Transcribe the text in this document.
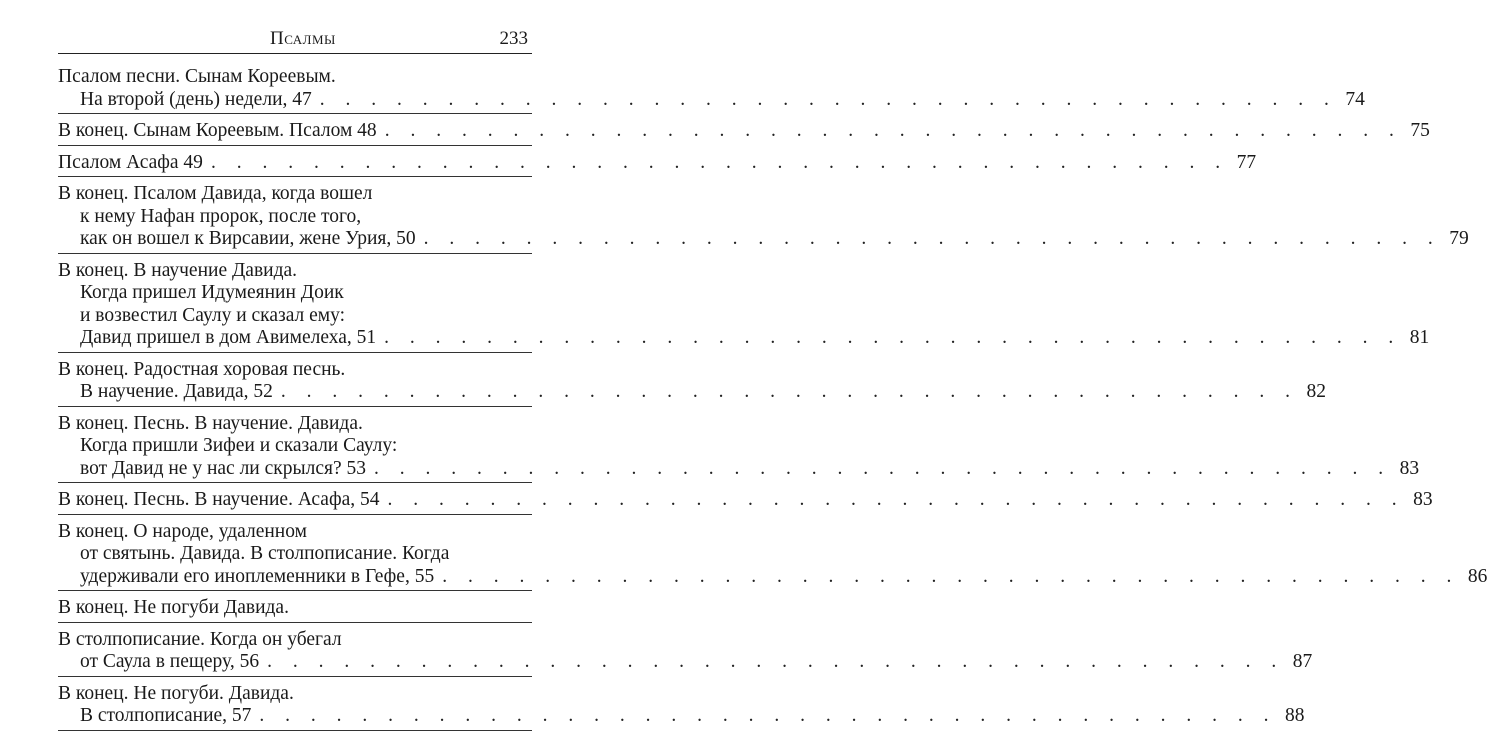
Псалмы	233
Псалом песни. Сынам Кореевым.
На второй (день) недели, 47 . . . . . . . . . . . . . . . . . . . . . . . . . . . . . . . . . . . . . . . . 74
В конец. Сынам Кореевым. Псалом 48 . . . . . . . . . . . . . . . . . . . . . . . . . . . . . . . . . . . . . . . . 75
Псалом Асафа 49 . . . . . . . . . . . . . . . . . . . . . . . . . . . . . . . . . . . . . . . . 77
В конец. Псалом Давида, когда вошел
к нему Нафан пророк, после того,
как он вошел к Вирсавии, жене Урия, 50 . . . . . . . . . . . . . . . . . . . . . . . . . . . . . . . . . . . . . . . . 79
В конец. В научение Давида.
Когда пришел Идумеянин Доик
и возвестил Саулу и сказал ему:
Давид пришел в дом Авимелеха, 51 . . . . . . . . . . . . . . . . . . . . . . . . . . . . . . . . . . . . . . . . 81
В конец. Радостная хоровая песнь.
В научение. Давида, 52 . . . . . . . . . . . . . . . . . . . . . . . . . . . . . . . . . . . . . . . . 82
В конец. Песнь. В научение. Давида.
Когда пришли Зифеи и сказали Саулу:
вот Давид не у нас ли скрылся? 53 . . . . . . . . . . . . . . . . . . . . . . . . . . . . . . . . . . . . . . . . 83
В конец. Песнь. В научение. Асафа, 54 . . . . . . . . . . . . . . . . . . . . . . . . . . . . . . . . . . . . . . . . 83
В конец. О народе, удаленном
от святынь. Давида. В столпописание. Когда
удерживали его иноплеменники в Гефе, 55 . . . . . . . . . . . . . . . . . . . . . . . . . . . . . . . . . . . . . . . . 86
В конец. Не погуби Давида.
В столпописание. Когда он убегал
от Саула в пещеру, 56 . . . . . . . . . . . . . . . . . . . . . . . . . . . . . . . . . . . . . . . . 87
В конец. Не погуби. Давида.
В столпописание, 57 . . . . . . . . . . . . . . . . . . . . . . . . . . . . . . . . . . . . . . . . 88
